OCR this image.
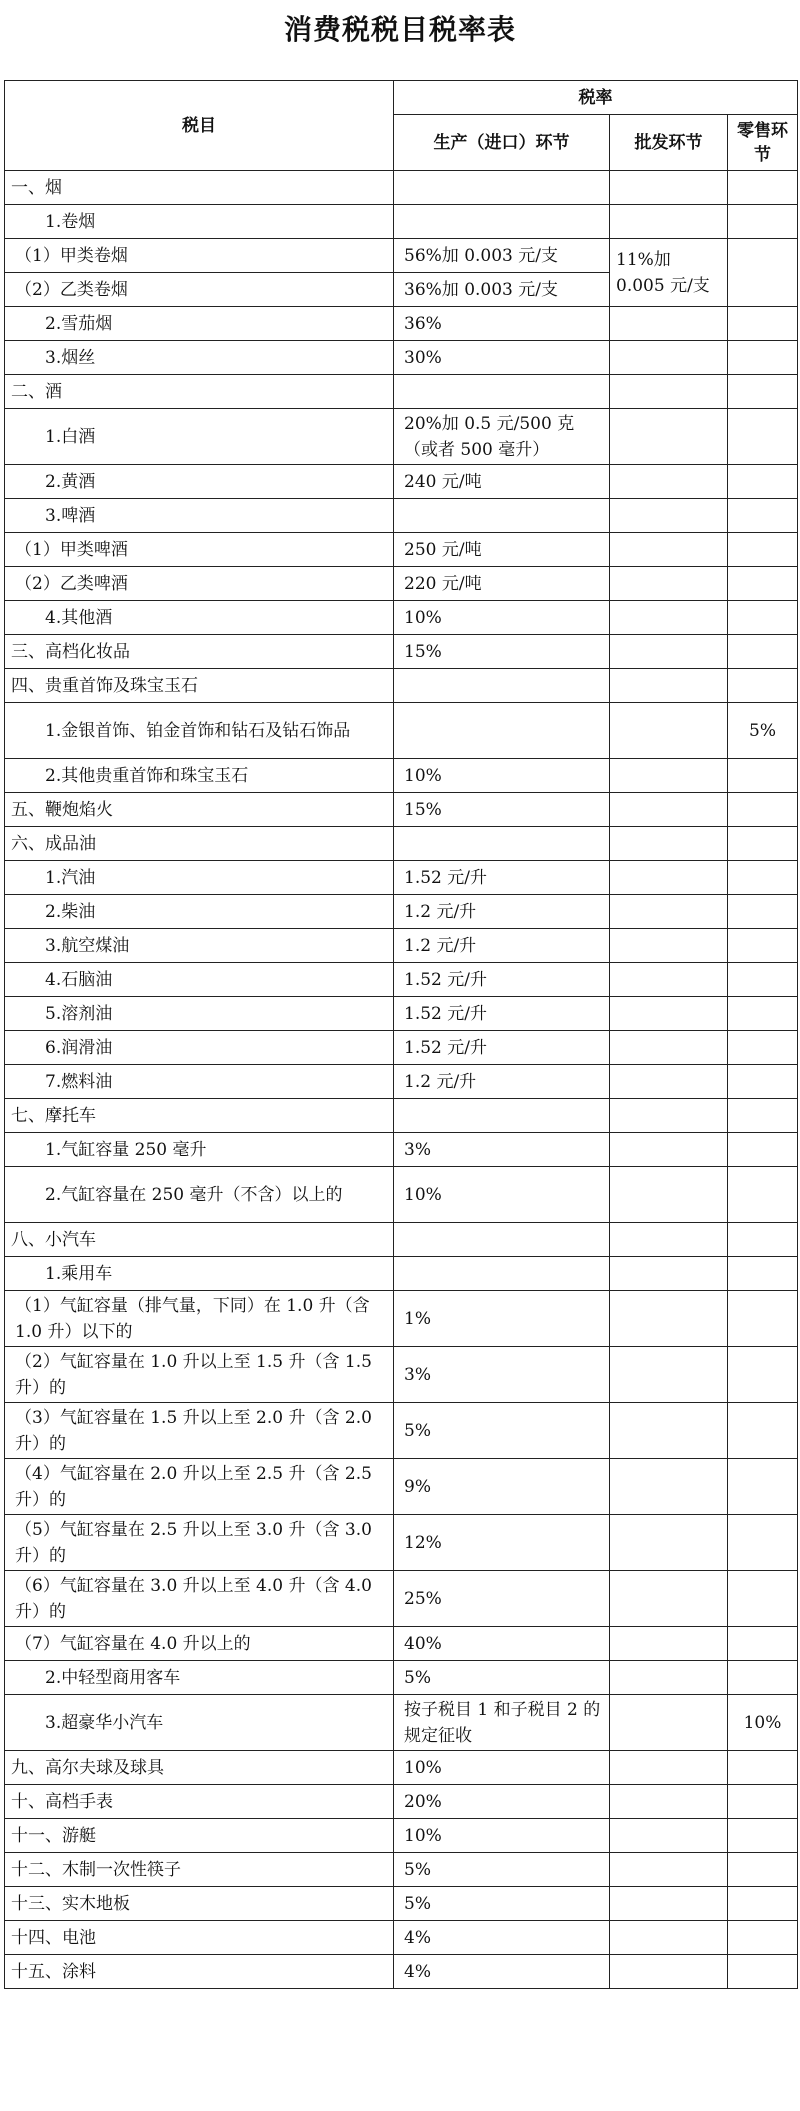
消费税税目税率表
税目	税率		
	生产（进口）环节	批发环节	零售环节
一、烟			
1.卷烟			
（1）甲类卷烟	56%加 0.003 元/支	11%加 0.005 元/支	
（2）乙类卷烟	36%加 0.003 元/支		
2.雪茄烟	36%		
3.烟丝	30%		
二、酒			
1.白酒	20%加 0.5 元/500 克（或者 500 毫升）		
2.黄酒	240 元/吨		
3.啤酒			
（1）甲类啤酒	250 元/吨		
（2）乙类啤酒	220 元/吨		
4.其他酒	10%		
三、高档化妆品	15%		
四、贵重首饰及珠宝玉石			
1.金银首饰、铂金首饰和钻石及钻石饰品			5%
2.其他贵重首饰和珠宝玉石	10%		
五、鞭炮焰火	15%		
六、成品油			
1.汽油	1.52 元/升		
2.柴油	1.2 元/升		
3.航空煤油	1.2 元/升		
4.石脑油	1.52 元/升		
5.溶剂油	1.52 元/升		
6.润滑油	1.52 元/升		
7.燃料油	1.2 元/升		
七、摩托车			
1.气缸容量 250 毫升	3%		
2.气缸容量在 250 毫升（不含）以上的	10%		
八、小汽车			
1.乘用车			
（1）气缸容量（排气量，下同）在 1.0 升（含 1.0 升）以下的	1%		
（2）气缸容量在 1.0 升以上至 1.5 升（含 1.5 升）的	3%		
（3）气缸容量在 1.5 升以上至 2.0 升（含 2.0 升）的	5%		
（4）气缸容量在 2.0 升以上至 2.5 升（含 2.5 升）的	9%		
（5）气缸容量在 2.5 升以上至 3.0 升（含 3.0 升）的	12%		
（6）气缸容量在 3.0 升以上至 4.0 升（含 4.0 升）的	25%		
（7）气缸容量在 4.0 升以上的	40%		
2.中轻型商用客车	5%		
3.超豪华小汽车	按子税目 1 和子税目 2 的规定征收		10%
九、高尔夫球及球具	10%		
十、高档手表	20%		
十一、游艇	10%		
十二、木制一次性筷子	5%		
十三、实木地板	5%		
十四、电池	4%		
十五、涂料	4%		
